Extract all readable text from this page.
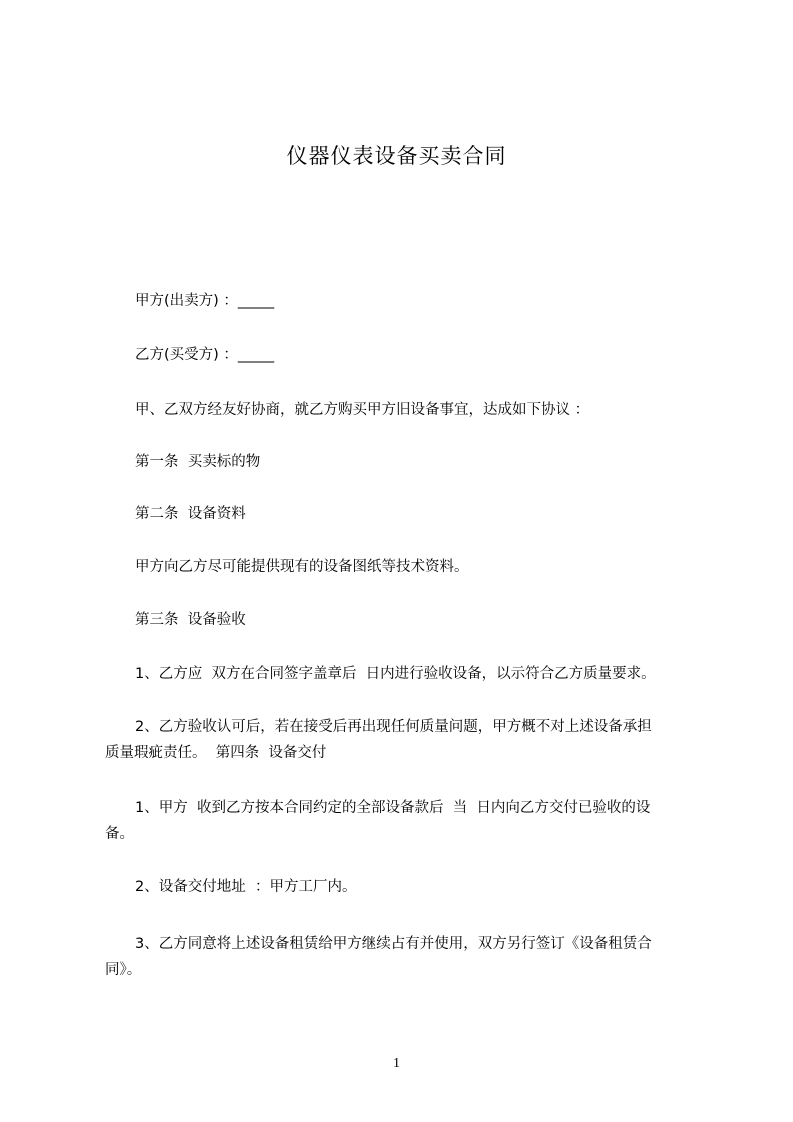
仪器仪表设备买卖合同
甲方(出卖方) ：_____
乙方(买受方) ：_____
甲、乙双方经友好协商，就乙方购买甲方旧设备事宜，达成如下协议 ：
第一条  买卖标的物
第二条  设备资料
甲方向乙方尽可能提供现有的设备图纸等技术资料。
第三条  设备验收
1、乙方应  双方在合同签字盖章后  日内进行验收设备，以示符合乙方质量要求。
2、乙方验收认可后，若在接受后再出现任何质量问题，甲方概不对上述设备承担
质量瑕疵责任。  第四条  设备交付
1、甲方  收到乙方按本合同约定的全部设备款后  当  日内向乙方交付已验收的设
备。
2、设备交付地址  ：甲方工厂内。
3、乙方同意将上述设备租赁给甲方继续占有并使用，双方另行签订《设备租赁合
同》。
1
